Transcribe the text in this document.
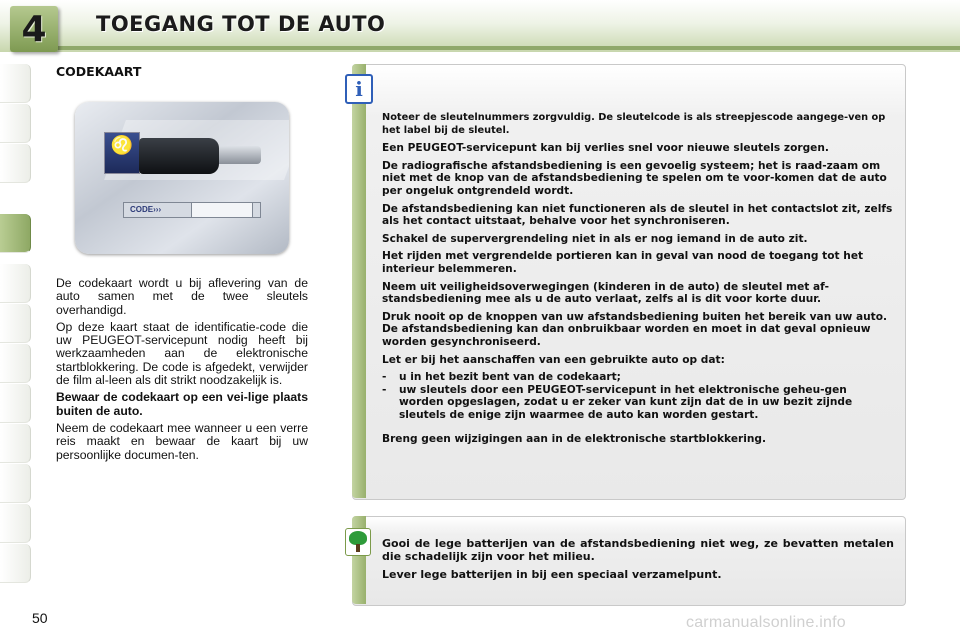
4 TOEGANG TOT DE AUTO
CODEKAART
♌
CODE›››

De codekaart wordt u bij aflevering van de auto samen met de twee sleutels overhandigd.

Op deze kaart staat de identificatie-code die uw PEUGEOT-servicepunt nodig heeft bij werkzaamheden aan de elektronische startblokkering. De code is afgedekt, verwijder de film al-leen als dit strikt noodzakelijk is.

Bewaar de codekaart op een vei-lige plaats buiten de auto.

Neem de codekaart mee wanneer u een verre reis maakt en bewaar de kaart bij uw persoonlijke documen-ten.

i

Noteer de sleutelnummers zorgvuldig. De sleutelcode is als streepjescode aangege-ven op het label bij de sleutel.

Een PEUGEOT-servicepunt kan bij verlies snel voor nieuwe sleutels zorgen.

De radiografische afstandsbediening is een gevoelig systeem; het is raad-zaam om niet met de knop van de afstandsbediening te spelen om te voor-komen dat de auto per ongeluk ontgrendeld wordt.

De afstandsbediening kan niet functioneren als de sleutel in het contactslot zit, zelfs als het contact uitstaat, behalve voor het synchroniseren.

Schakel de supervergrendeling niet in als er nog iemand in de auto zit.

Het rijden met vergrendelde portieren kan in geval van nood de toegang tot het interieur belemmeren.

Neem uit veiligheidsoverwegingen (kinderen in de auto) de sleutel met af-standsbediening mee als u de auto verlaat, zelfs al is dit voor korte duur.

Druk nooit op de knoppen van uw afstandsbediening buiten het bereik van uw auto. De afstandsbediening kan dan onbruikbaar worden en moet in dat geval opnieuw worden gesynchroniseerd.

Let er bij het aanschaffen van een gebruikte auto op dat:

- u in het bezit bent van de codekaart;
- uw sleutels door een PEUGEOT-servicepunt in het elektronische geheu-gen worden opgeslagen, zodat u er zeker van kunt zijn dat de in uw bezit zijnde sleutels de enige zijn waarmee de auto kan worden gestart.

Breng geen wijzigingen aan in de elektronische startblokkering.

Gooi de lege batterijen van de afstandsbediening niet weg, ze bevatten metalen die schadelijk zijn voor het milieu.

Lever lege batterijen in bij een speciaal verzamelpunt.

50	carmanualsonline.info
